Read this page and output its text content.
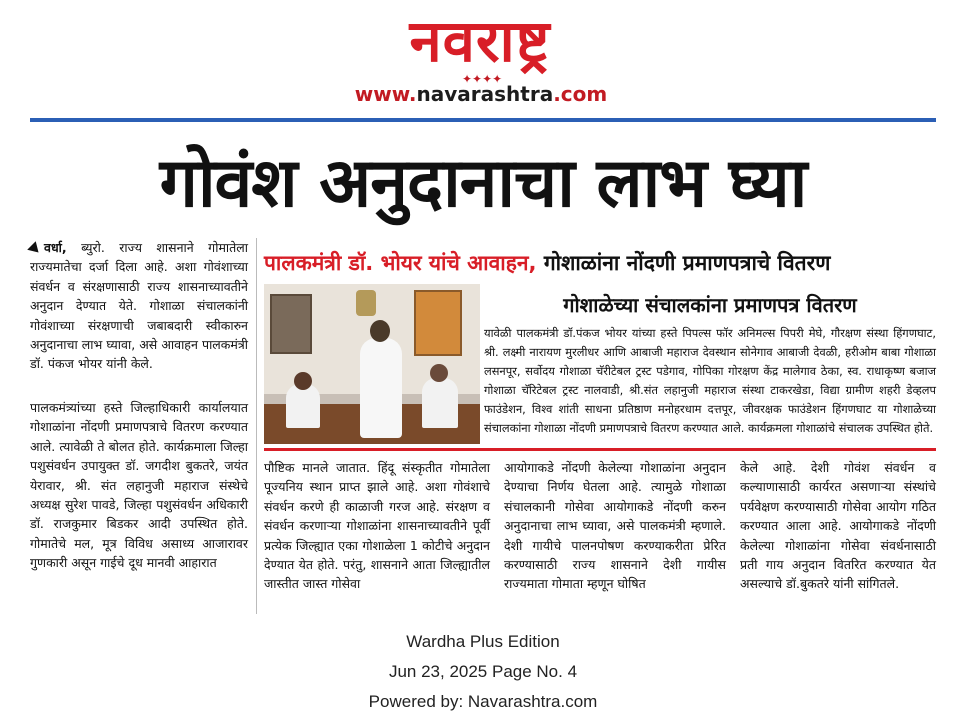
नवराष्ट्र
✦✦✦✦
www.navarashtra.com
गोवंश अनुदानाचा लाभ घ्या
वर्धा, ब्युरो. राज्य शासनाने गोमातेला राज्यमातेचा दर्जा दिला आहे. अशा गोवंशाच्या संवर्धन व संरक्षणासाठी राज्य शासनाच्यावतीने अनुदान देण्यात येते. गोशाळा संचालकांनी गोवंशाच्या संरक्षणाची जबाबदारी स्वीकारुन अनुदानाचा लाभ घ्यावा, असे आवाहन पालकमंत्री डॉ. पंकज भोयर यांनी केले.
पालकमंत्र्यांच्या हस्ते जिल्हाधिकारी कार्यालयात गोशाळांना नोंदणी प्रमाणपत्राचे वितरण करण्यात आले. त्यावेळी ते बोलत होते. कार्यक्रमाला जिल्हा पशुसंवर्धन उपायुक्त डॉ. जगदीश बुकतरे, जयंत येरावार, श्री. संत लहानुजी महाराज संस्थेचे अध्यक्ष सुरेश पावडे, जिल्हा पशुसंवर्धन अधिकारी डॉ. राजकुमार बिडकर आदी उपस्थित होते. गोमातेचे मल, मूत्र विविध असाध्य आजारावर गुणकारी असून गाईचे दूध मानवी आहारात
पालकमंत्री डॉ. भोयर यांचे आवाहन, गोशाळांना नोंदणी प्रमाणपत्राचे वितरण
गोशाळेच्या संचालकांना प्रमाणपत्र वितरण
यावेळी पालकमंत्री डॉ.पंकज भोयर यांच्या हस्ते पिपल्स फॉर अनिमल्स पिपरी मेघे, गौरक्षण संस्था हिंगणघाट, श्री. लक्ष्मी नारायण मुरलीधर आणि आबाजी महाराज देवस्थान सोनेगाव आबाजी देवळी, हरीओम बाबा गोशाळा लसनपूर, सर्वोदय गोशाळा चॅरीटेबल ट्रस्ट पडेगाव, गोपिका गोरक्षण केंद्र मालेगाव ठेका, स्व. राधाकृष्ण बजाज गोशाळा चॅरिटेबल ट्रस्ट नालवाडी, श्री.संत लहानुजी महाराज संस्था टाकरखेडा, विद्या ग्रामीण शहरी डेव्हलप फाउंडेशन, विश्व शांती साधना प्रतिष्ठाण मनोहरधाम दत्तपूर, जीवरक्षक फाउंडेशन हिंगणघाट या गोशाळेच्या संचालकांना गोशाळा नोंदणी प्रमाणपत्राचे वितरण करण्यात आले. कार्यक्रमला गोशाळांचे संचालक उपस्थित होते.
पौष्टिक मानले जातात. हिंदू संस्कृतीत गोमातेला पूज्यनिय स्थान प्राप्त झाले आहे. अशा गोवंशाचे संवर्धन करणे ही काळाजी गरज आहे. संरक्षण व संवर्धन करणाऱ्या गोशाळांना शासनाच्यावतीने पूर्वी प्रत्येक जिल्ह्यात एका गोशाळेला 1 कोटीचे अनुदान देण्यात येत होते. परंतु, शासनाने आता जिल्ह्यातील जास्तीत जास्त गोसेवा
आयोगाकडे नोंदणी केलेल्या गोशाळांना अनुदान देण्याचा निर्णय घेतला आहे. त्यामुळे गोशाळा संचालकानी गोसेवा आयोगाकडे नोंदणी करुन अनुदानाचा लाभ घ्यावा, असे पालकमंत्री म्हणाले. देशी गायीचे पालनपोषण करण्याकरीता प्रेरित करण्यासाठी राज्य शासनाने देशी गायीस राज्यमाता गोमाता म्हणून घोषित
केले आहे. देशी गोवंश संवर्धन व कल्याणासाठी कार्यरत असणाऱ्या संस्थांचे पर्यवेक्षण करण्यासाठी गोसेवा आयोग गठित करण्यात आला आहे. आयोगाकडे नोंदणी केलेल्या गोशाळांना गोसेवा संवर्धनासाठी प्रती गाय अनुदान वितरित करण्यात येत असल्याचे डॉ.बुकतरे यांनी सांगितले.
Wardha Plus Edition
Jun 23, 2025 Page No. 4
Powered by: Navarashtra.com
